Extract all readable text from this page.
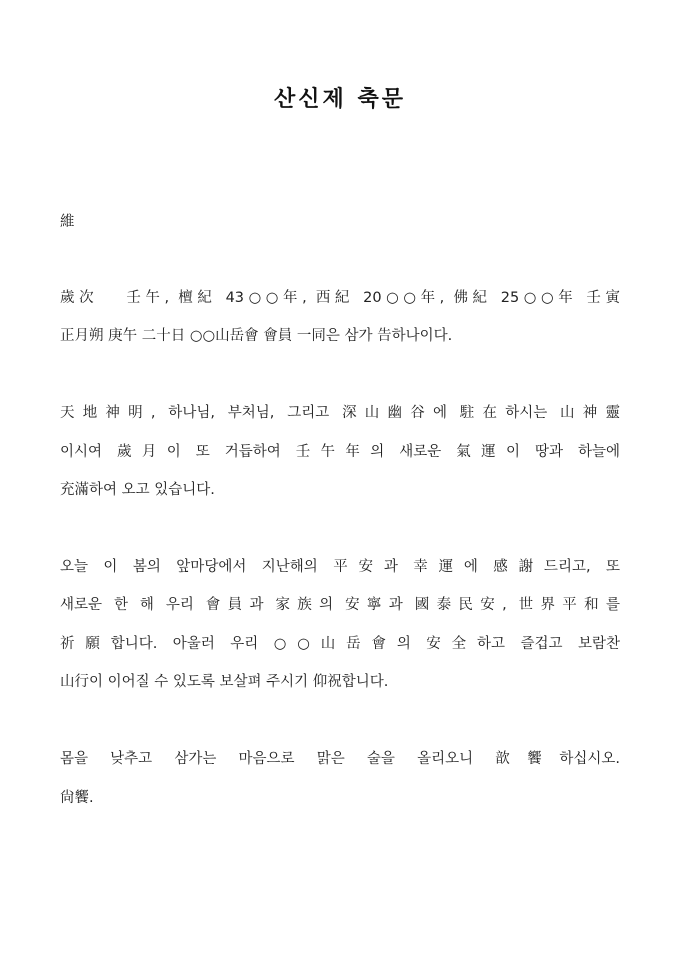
산신제 축문
維
歲次　 壬午, 檀紀 43○○年, 西紀 20○○年, 佛紀 25○○年 壬寅
正月朔 庚午 二十日 ○○山岳會 會員 一同은 삼가 告하나이다.
天地神明, 하나님, 부처님, 그리고 深山幽谷에 駐在하시는 山神靈
이시여 歲月이 또 거듭하여 壬午年의 새로운 氣運이 땅과 하늘에
充滿하여 오고 있습니다.
오늘 이 봄의 앞마당에서 지난해의 平安과 幸運에 感謝드리고, 또
새로운 한 해 우리 會員과 家族의 安寧과 國泰民安, 世界平和를
祈願합니다. 아울러 우리 ○○山岳會의 安全하고 즐겁고 보람찬
山行이 이어질 수 있도록 보살펴 주시기 仰祝합니다.
몸을 낮추고 삼가는 마음으로 맑은 술을 올리오니 歆饗하십시오.
尙饗.
